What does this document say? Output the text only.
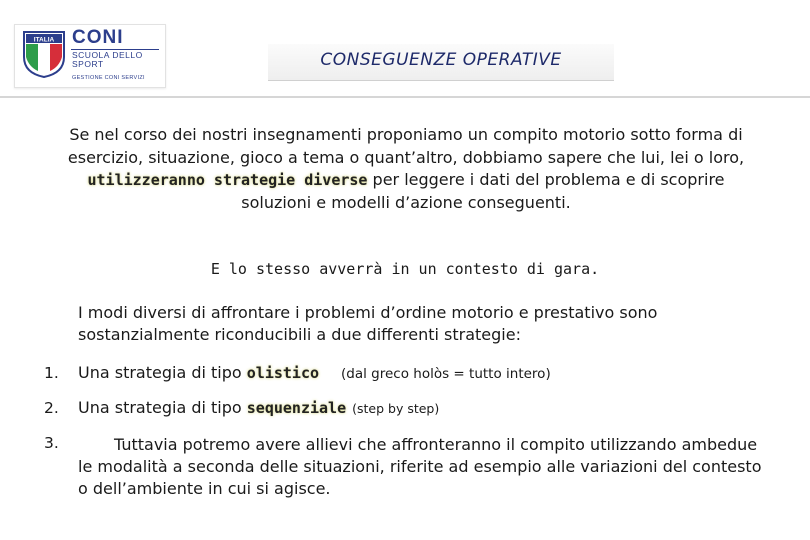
ITALIA CONI
SCUOLA DELLO SPORT
GESTIONE CONI SERVIZI
CONSEGUENZE OPERATIVE
Se nel corso dei nostri insegnamenti proponiamo un compito motorio sotto forma di esercizio, situazione, gioco a tema o quant’altro, dobbiamo sapere che lui, lei o loro, utilizzeranno strategie diverse per leggere i dati del problema e di scoprire soluzioni e modelli d’azione conseguenti.
E lo stesso avverrà in un contesto di gara.
I modi diversi di affrontare i problemi d’ordine motorio e prestativo sono sostanzialmente riconducibili a due differenti strategie:
1. Una strategia di tipo olistico (dal greco holòs = tutto intero)
2. Una strategia di tipo sequenziale (step by step)
3.	Tuttavia potremo avere allievi che affronteranno il compito utilizzando ambedue le modalità a seconda delle situazioni, riferite ad esempio alle variazioni del contesto o dell’ambiente in cui si agisce.
